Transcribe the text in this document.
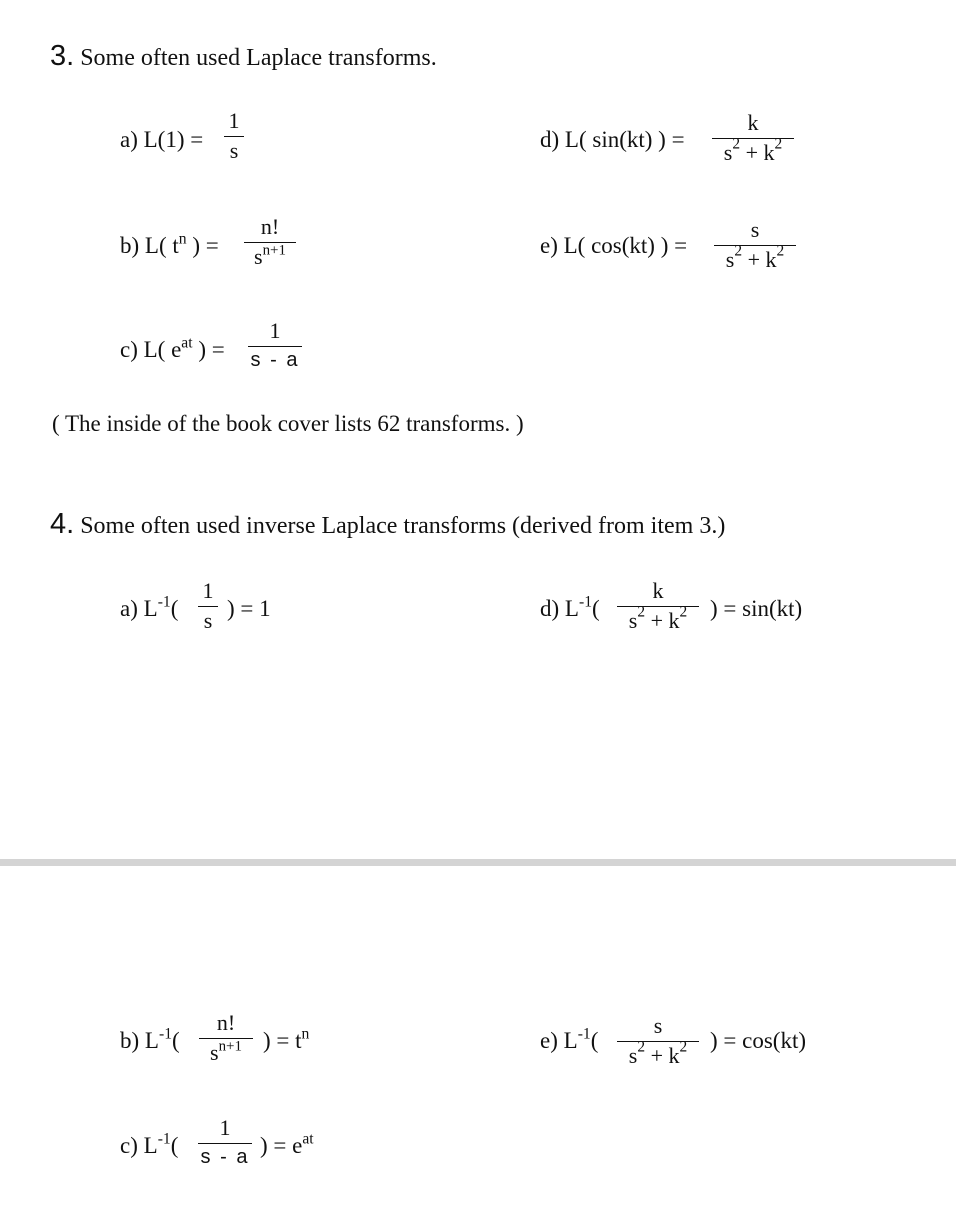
3. Some often used Laplace transforms.
a) L(1) =
1
s	d) L( sin(kt) ) =
k
$s^2 + k^2$
b) L( $t^n$ ) =
n!
$s^{n+1}$	e) L( cos(kt) ) =
s
$s^2 + k^2$
c) L( $e^{at}$ ) =
1
s - a
( The inside of the book cover lists 62 transforms. )
4. Some often used inverse Laplace transforms (derived from item 3.)
a) $L^{-1}$(
1
s ) = 1	d) $L^{-1}$(
k
$s^2 + k^2$ ) = sin(kt)
b) $L^{-1}$(
n!
$s^{n+1}$ ) = $t^n$	e) $L^{-1}$(
s
$s^2 + k^2$ ) = cos(kt)
c) $L^{-1}$(
1
s - a ) = $e^{at}$
